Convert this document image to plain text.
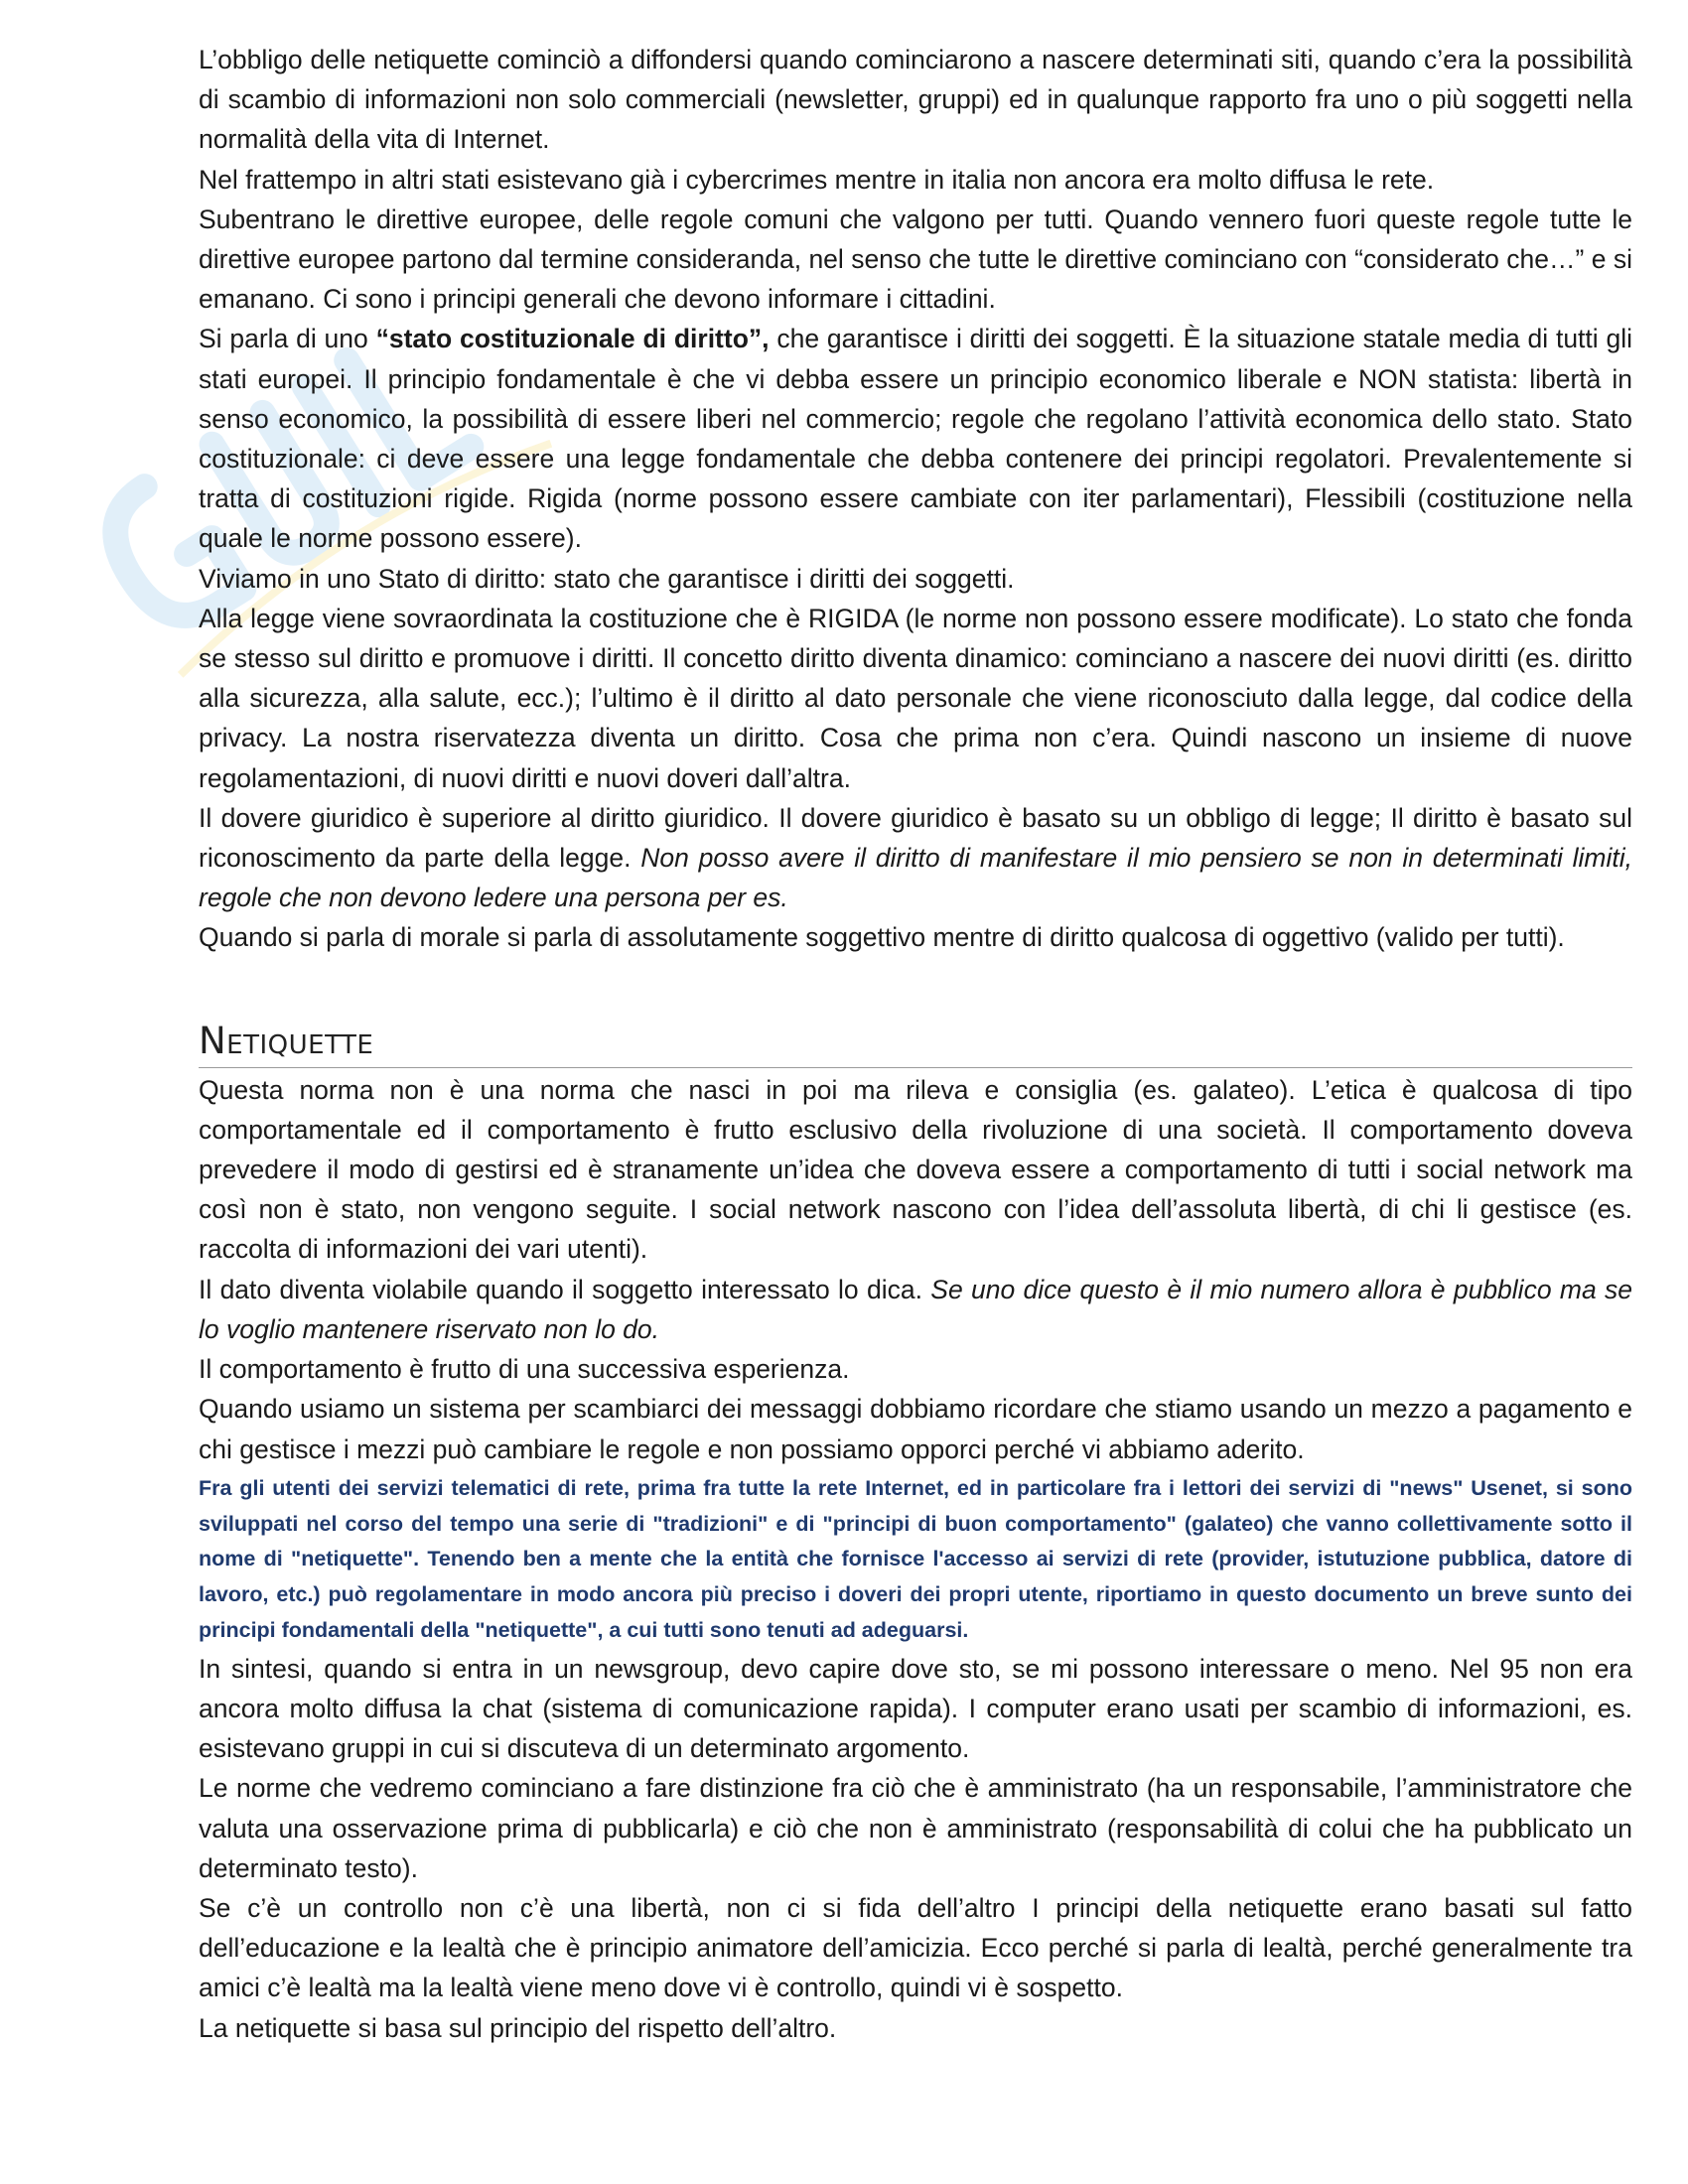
L’obbligo delle netiquette cominciò a diffondersi quando cominciarono a nascere determinati siti, quando c’era la possibilità di scambio di informazioni non solo commerciali (newsletter, gruppi) ed in qualunque rapporto fra uno o più soggetti nella normalità della vita di Internet.

Nel frattempo in altri stati esistevano già i cybercrimes mentre in italia non ancora era molto diffusa le rete.

Subentrano le direttive europee, delle regole comuni che valgono per tutti. Quando vennero fuori queste regole tutte le direttive europee partono dal termine consideranda, nel senso che tutte le direttive cominciano con “considerato che…” e si emanano. Ci sono i principi generali che devono informare i cittadini.

Si parla di uno “stato costituzionale di diritto”, che garantisce i diritti dei soggetti. È la situazione statale media di tutti gli stati europei. Il principio fondamentale è che vi debba essere un principio economico liberale e NON statista: libertà in senso economico, la possibilità di essere liberi nel commercio; regole che regolano l’attività economica dello stato. Stato costituzionale: ci deve essere una legge fondamentale che debba contenere dei principi regolatori. Prevalentemente si tratta di costituzioni rigide. Rigida (norme possono essere cambiate con iter parlamentari), Flessibili (costituzione nella quale le norme possono essere).

Viviamo in uno Stato di diritto: stato che garantisce i diritti dei soggetti.

Alla legge viene sovraordinata la costituzione che è RIGIDA (le norme non possono essere modificate). Lo stato che fonda se stesso sul diritto e promuove i diritti. Il concetto diritto diventa dinamico: cominciano a nascere dei nuovi diritti (es. diritto alla sicurezza, alla salute, ecc.); l’ultimo è il diritto al dato personale che viene riconosciuto dalla legge, dal codice della privacy. La nostra riservatezza diventa un diritto. Cosa che prima non c’era. Quindi nascono un insieme di nuove regolamentazioni, di nuovi diritti e nuovi doveri dall’altra.

Il dovere giuridico è superiore al diritto giuridico. Il dovere giuridico è basato su un obbligo di legge; Il diritto è basato sul riconoscimento da parte della legge. Non posso avere il diritto di manifestare il mio pensiero se non in determinati limiti, regole che non devono ledere una persona per es.

Quando si parla di morale si parla di assolutamente soggettivo mentre di diritto qualcosa di oggettivo (valido per tutti).

Netiquette

Questa norma non è una norma che nasci in poi ma rileva e consiglia (es. galateo). L’etica è qualcosa di tipo comportamentale ed il comportamento è frutto esclusivo della rivoluzione di una società. Il comportamento doveva prevedere il modo di gestirsi ed è stranamente un’idea che doveva essere a comportamento di tutti i social network ma così non è stato, non vengono seguite. I social network nascono con l’idea dell’assoluta libertà, di chi li gestisce (es. raccolta di informazioni dei vari utenti).

Il dato diventa violabile quando il soggetto interessato lo dica. Se uno dice questo è il mio numero allora è pubblico ma se lo voglio mantenere riservato non lo do.

Il comportamento è frutto di una successiva esperienza.

Quando usiamo un sistema per scambiarci dei messaggi dobbiamo ricordare che stiamo usando un mezzo a pagamento e chi gestisce i mezzi può cambiare le regole e non possiamo opporci perché vi abbiamo aderito.

Fra gli utenti dei servizi telematici di rete, prima fra tutte la rete Internet, ed in particolare fra i lettori dei servizi di "news" Usenet, si sono sviluppati nel corso del tempo una serie di "tradizioni" e di "principi di buon comportamento" (galateo) che vanno collettivamente sotto il nome di "netiquette". Tenendo ben a mente che la entità che fornisce l'accesso ai servizi di rete (provider, istutuzione pubblica, datore di lavoro, etc.) può regolamentare in modo ancora più preciso i doveri dei propri utente, riportiamo in questo documento un breve sunto dei principi fondamentali della "netiquette", a cui tutti sono tenuti ad adeguarsi.

In sintesi, quando si entra in un newsgroup, devo capire dove sto, se mi possono interessare o meno. Nel 95 non era ancora molto diffusa la chat (sistema di comunicazione rapida). I computer erano usati per scambio di informazioni, es. esistevano gruppi in cui si discuteva di un determinato argomento.

Le norme che vedremo cominciano a fare distinzione fra ciò che è amministrato (ha un responsabile, l’amministratore che valuta una osservazione prima di pubblicarla) e ciò che non è amministrato (responsabilità di colui che ha pubblicato un determinato testo).

Se c’è un controllo non c’è una libertà, non ci si fida dell’altro I principi della netiquette erano basati sul fatto dell’educazione e la lealtà che è principio animatore dell’amicizia. Ecco perché si parla di lealtà, perché generalmente tra amici c’è lealtà ma la lealtà viene meno dove vi è controllo, quindi vi è sospetto.

La netiquette si basa sul principio del rispetto dell’altro.
